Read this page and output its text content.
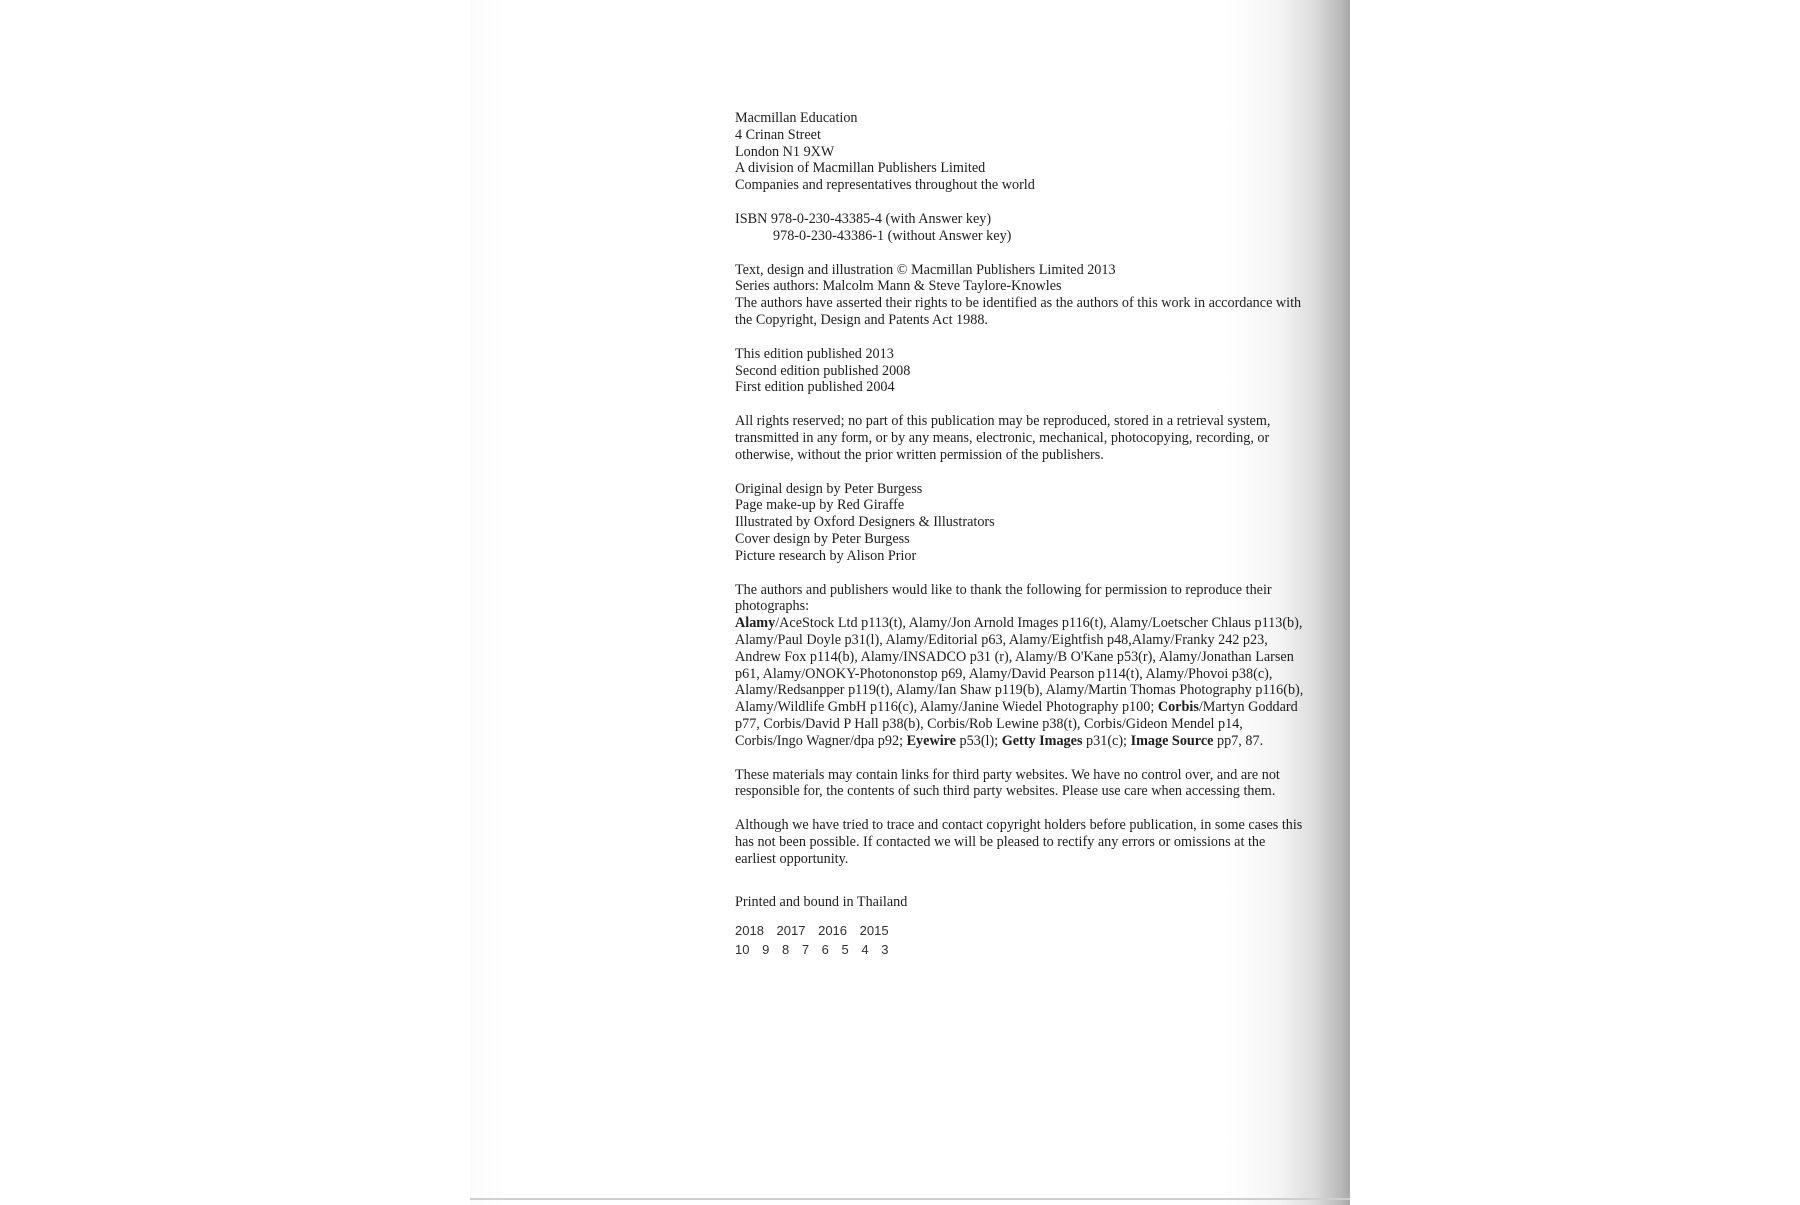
Macmillan Education
4 Crinan Street
London N1 9XW
A division of Macmillan Publishers Limited
Companies and representatives throughout the world
ISBN 978-0-230-43385-4 (with Answer key)
978-0-230-43386-1 (without Answer key)
Text, design and illustration © Macmillan Publishers Limited 2013
Series authors: Malcolm Mann & Steve Taylore-Knowles
The authors have asserted their rights to be identified as the authors of this work in accordance with the Copyright, Design and Patents Act 1988.
This edition published 2013
Second edition published 2008
First edition published 2004
All rights reserved; no part of this publication may be reproduced, stored in a retrieval system, transmitted in any form, or by any means, electronic, mechanical, photocopying, recording, or otherwise, without the prior written permission of the publishers.
Original design by Peter Burgess
Page make-up by Red Giraffe
Illustrated by Oxford Designers & Illustrators
Cover design by Peter Burgess
Picture research by Alison Prior
The authors and publishers would like to thank the following for permission to reproduce their photographs:
Alamy/AceStock Ltd p113(t), Alamy/Jon Arnold Images p116(t), Alamy/Loetscher Chlaus p113(b), Alamy/Paul Doyle p31(l), Alamy/Editorial p63, Alamy/Eightfish p48,Alamy/Franky 242 p23, Andrew Fox p114(b), Alamy/INSADCO p31 (r), Alamy/B O'Kane p53(r), Alamy/Jonathan Larsen p61, Alamy/ONOKY-Photononstop p69, Alamy/David Pearson p114(t), Alamy/Phovoi p38(c), Alamy/Redsanpper p119(t), Alamy/Ian Shaw p119(b), Alamy/Martin Thomas Photography p116(b), Alamy/Wildlife GmbH p116(c), Alamy/Janine Wiedel Photography p100; Corbis/Martyn Goddard p77, Corbis/David P Hall p38(b), Corbis/Rob Lewine p38(t), Corbis/Gideon Mendel p14, Corbis/Ingo Wagner/dpa p92; Eyewire p53(l); Getty Images p31(c); Image Source pp7, 87.
These materials may contain links for third party websites. We have no control over, and are not responsible for, the contents of such third party websites. Please use care when accessing them.
Although we have tried to trace and contact copyright holders before publication, in some cases this has not been possible. If contacted we will be pleased to rectify any errors or omissions at the earliest opportunity.
Printed and bound in Thailand
2018 2017 2016 2015
10 9 8 7 6 5 4 3
